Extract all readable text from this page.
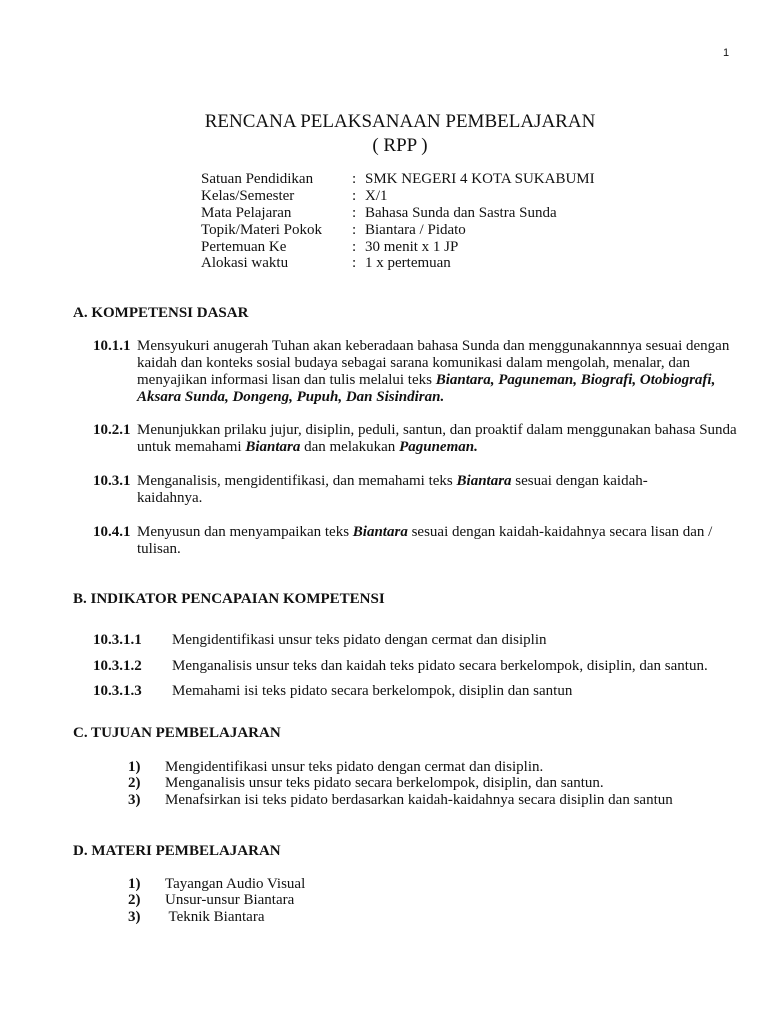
1
RENCANA PELAKSANAAN PEMBELAJARAN
( RPP )
Satuan Pendidikan	: SMK NEGERI 4 KOTA SUKABUMI
Kelas/Semester	: X/1
Mata Pelajaran	: Bahasa Sunda dan Sastra Sunda
Topik/Materi Pokok : Biantara / Pidato
Pertemuan Ke	: 30 menit x 1 JP
Alokasi waktu	: 1 x pertemuan
A. KOMPETENSI DASAR
10.1.1 Mensyukuri anugerah Tuhan akan keberadaan bahasa Sunda dan menggunakannnya sesuai dengan kaidah dan konteks sosial budaya sebagai sarana komunikasi dalam mengolah, menalar, dan menyajikan informasi lisan dan tulis melalui teks Biantara, Paguneman, Biografi, Otobiografi, Aksara Sunda, Dongeng, Pupuh, Dan Sisindiran.
10.2.1 Menunjukkan prilaku jujur, disiplin, peduli, santun, dan proaktif dalam menggunakan bahasa Sunda untuk memahami Biantara dan melakukan Paguneman.
10.3.1 Menganalisis, mengidentifikasi, dan memahami teks Biantara sesuai dengan kaidah-kaidahnya.
10.4.1 Menyusun dan menyampaikan teks Biantara sesuai dengan kaidah-kaidahnya secara lisan dan / tulisan.
B. INDIKATOR PENCAPAIAN KOMPETENSI
10.3.1.1 Mengidentifikasi unsur teks pidato dengan cermat dan disiplin
10.3.1.2 Menganalisis unsur teks dan kaidah teks pidato secara berkelompok, disiplin, dan santun.
10.3.1.3 Memahami isi teks pidato secara berkelompok, disiplin dan santun
C. TUJUAN PEMBELAJARAN
1) Mengidentifikasi unsur teks pidato dengan cermat dan disiplin.
2) Menganalisis unsur teks pidato secara berkelompok, disiplin, dan santun.
3) Menafsirkan isi teks pidato berdasarkan kaidah-kaidahnya secara disiplin dan santun
D. MATERI PEMBELAJARAN
1) Tayangan Audio Visual
2) Unsur-unsur Biantara
3) Teknik Biantara
